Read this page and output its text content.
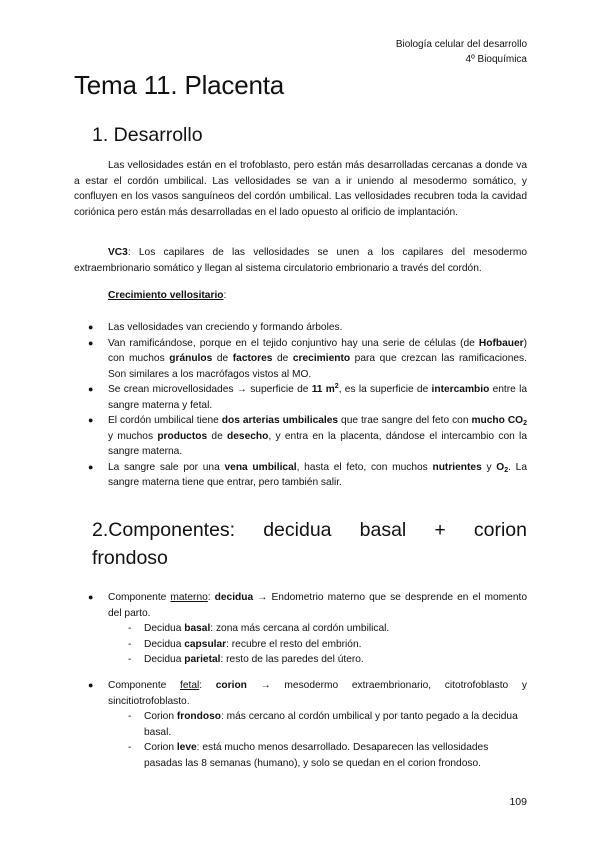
Biología celular del desarrollo
4º Bioquímica
Tema 11. Placenta
1. Desarrollo

Las vellosidades están en el trofoblasto, pero están más desarrolladas cercanas a donde va a estar el cordón umbilical. Las vellosidades se van a ir uniendo al mesodermo somático, y confluyen en los vasos sanguíneos del cordón umbilical. Las vellosidades recubren toda la cavidad coriónica pero están más desarrolladas en el lado opuesto al orificio de implantación.

VC3: Los capilares de las vellosidades se unen a los capilares del mesodermo extraembrionario somático y llegan al sistema circulatorio embrionario a través del cordón.

Crecimiento vellositario:

● Las vellosidades van creciendo y formando árboles.
● Van ramificándose, porque en el tejido conjuntivo hay una serie de células (de Hofbauer) con muchos gránulos de factores de crecimiento para que crezcan las ramificaciones. Son similares a los macrófagos vistos al MO.
● Se crean microvellosidades → superficie de 11 $m^2$, es la superficie de intercambio entre la sangre materna y fetal.
● El cordón umbilical tiene dos arterias umbilicales que trae sangre del feto con mucho $CO_2$ y muchos productos de desecho, y entra en la placenta, dándose el intercambio con la sangre materna.
● La sangre sale por una vena umbilical, hasta el feto, con muchos nutrientes y $O_2$. La sangre materna tiene que entrar, pero también salir.
2.Componentes: decidua basal + corion
frondoso
● Componente materno: decidua → Endometrio materno que se desprende en el momento del parto.
- Decidua basal: zona más cercana al cordón umbilical.
- Decidua capsular: recubre el resto del embrión.
- Decidua parietal: resto de las paredes del útero.
● Componente fetal: corion → mesodermo extraembrionario, citotrofoblasto y sincitiotrofoblasto.
- Corion frondoso: más cercano al cordón umbilical y por tanto pegado a la decidua basal.
- Corion leve: está mucho menos desarrollado. Desaparecen las vellosidades pasadas las 8 semanas (humano), y solo se quedan en el corion frondoso.
109
